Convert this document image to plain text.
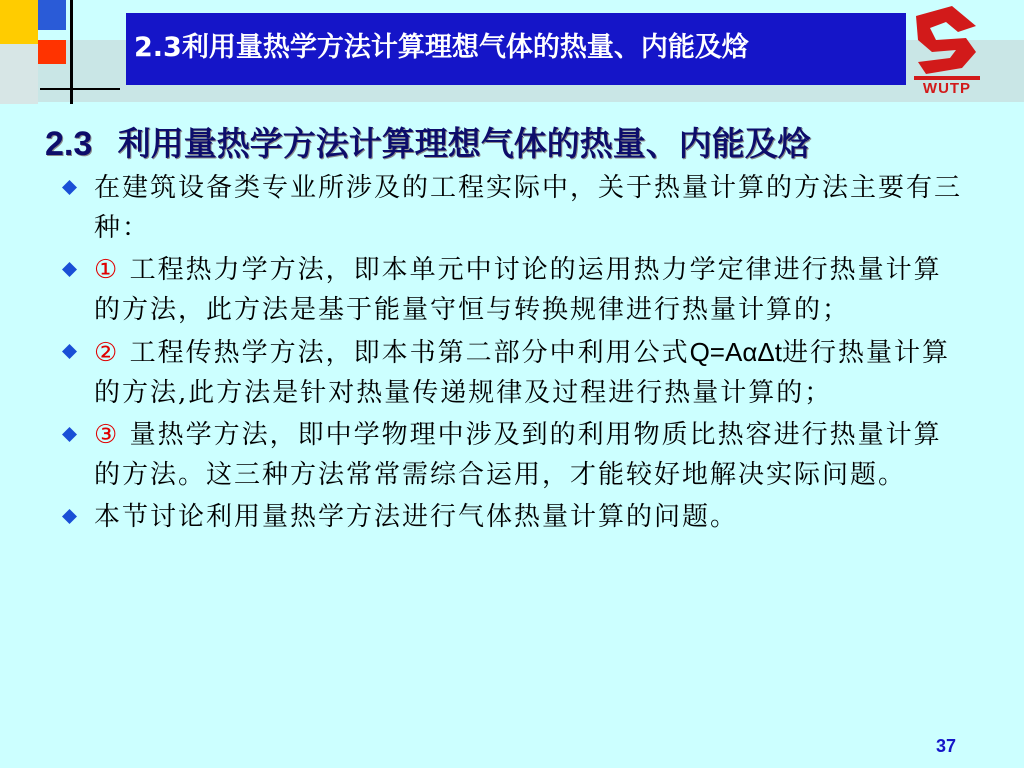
2.3利用量热学方法计算理想气体的热量、内能及焓
WUTP
2.3 利用量热学方法计算理想气体的热量、内能及焓
在建筑设备类专业所涉及的工程实际中，关于热量计算的方法主要有三种：
① 工程热力学方法，即本单元中讨论的运用热力学定律进行热量计算的方法，此方法是基于能量守恒与转换规律进行热量计算的；
② 工程传热学方法，即本书第二部分中利用公式Q=AαΔt进行热量计算的方法,此方法是针对热量传递规律及过程进行热量计算的；
③ 量热学方法，即中学物理中涉及到的利用物质比热容进行热量计算的方法。这三种方法常常需综合运用，才能较好地解决实际问题。
本节讨论利用量热学方法进行气体热量计算的问题。
37
